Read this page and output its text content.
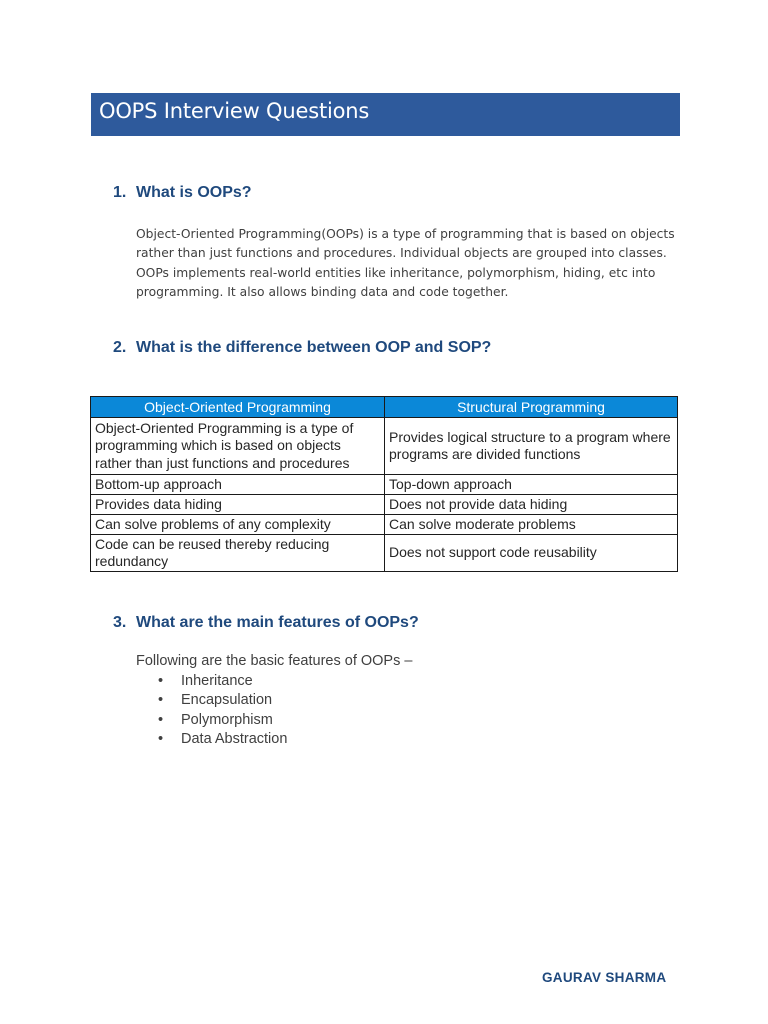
OOPS Interview Questions
1. What is OOPs?

Object-Oriented Programming(OOPs) is a type of programming that is based on objects

rather than just functions and procedures. Individual objects are grouped into classes.

OOPs implements real-world entities like inheritance, polymorphism, hiding, etc into

programming. It also allows binding data and code together.

2. What is the difference between OOP and SOP?
Object-Oriented Programming	Structural Programming
Object-Oriented Programming is a type of programming which is based on objects rather than just functions and procedures	Provides logical structure to a program where programs are divided functions
Bottom-up approach	Top-down approach
Provides data hiding	Does not provide data hiding
Can solve problems of any complexity	Can solve moderate problems
Code can be reused thereby reducing redundancy	Does not support code reusability
3. What are the main features of OOPs?
Following are the basic features of OOPs –
• Inheritance
• Encapsulation
• Polymorphism
• Data Abstraction
GAURAV SHARMA
